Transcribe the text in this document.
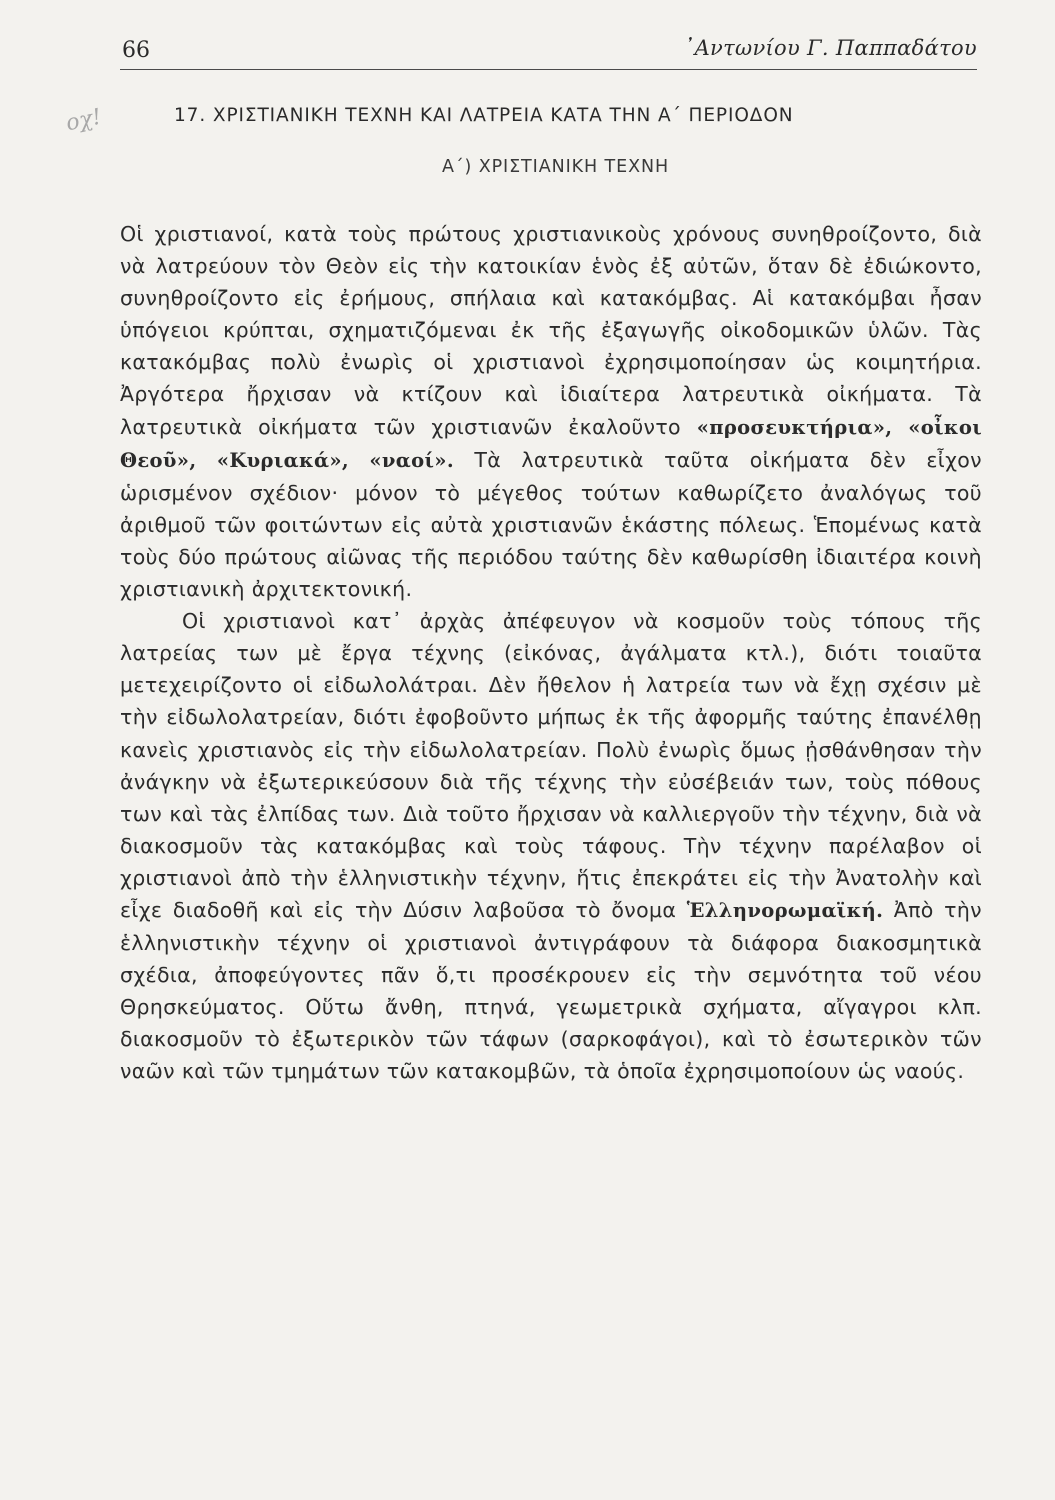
66	᾿Αντωνίου Γ. Παππαδάτου
οχ!	17. ΧΡΙΣΤΙΑΝΙΚΗ ΤΕΧΝΗ ΚΑΙ ΛΑΤΡΕΙΑ ΚΑΤΑ ΤΗΝ Α΄ ΠΕΡΙΟΔΟΝ
Α΄) ΧΡΙΣΤΙΑΝΙΚΗ ΤΕΧΝΗ

Οἱ χριστιανοί, κατὰ τοὺς πρώτους χριστιανικοὺς χρόνους συνηθροίζοντο, διὰ νὰ λατρεύουν τὸν Θεὸν εἰς τὴν κατοικίαν ἑνὸς ἐξ αὐτῶν, ὅταν δὲ ἐδιώκοντο, συνηθροίζοντο εἰς ἐρήμους, σπήλαια καὶ κατακόμβας. Αἱ κατακόμβαι ἦσαν ὑπόγειοι κρύπται, σχηματιζόμεναι ἐκ τῆς ἐξαγωγῆς οἰκοδομικῶν ὑλῶν. Τὰς κατακόμβας πολὺ ἐνωρὶς οἱ χριστιανοὶ ἐχρησιμοποίησαν ὡς κοιμητήρια. Ἀργότερα ἤρχισαν νὰ κτίζουν καὶ ἰδιαίτερα λατρευτικὰ οἰκήματα. Τὰ λατρευτικὰ οἰκήματα τῶν χριστιανῶν ἐκαλοῦντο «προσευκτήρια», «οἶκοι Θεοῦ», «Κυριακά», «ναοί». Τὰ λατρευτικὰ ταῦτα οἰκήματα δὲν εἶχον ὡρισμένον σχέδιον· μόνον τὸ μέγεθος τούτων καθωρίζετο ἀναλόγως τοῦ ἀριθμοῦ τῶν φοιτώντων εἰς αὐτὰ χριστιανῶν ἑκάστης πόλεως. Ἑπομένως κατὰ τοὺς δύο πρώτους αἰῶνας τῆς περιόδου ταύτης δὲν καθωρίσθη ἰδιαιτέρα κοινὴ χριστιανικὴ ἀρχιτεκτονική.

Οἱ χριστιανοὶ κατ᾿ ἀρχὰς ἀπέφευγον νὰ κοσμοῦν τοὺς τόπους τῆς λατρείας των μὲ ἔργα τέχνης (εἰκόνας, ἀγάλματα κτλ.), διότι τοιαῦτα μετεχειρίζοντο οἱ εἰδωλολάτραι. Δὲν ἤθελον ἡ λατρεία των νὰ ἔχῃ σχέσιν μὲ τὴν εἰδωλολατρείαν, διότι ἐφοβοῦντο μήπως ἐκ τῆς ἀφορμῆς ταύτης ἐπανέλθῃ κανεὶς χριστιανὸς εἰς τὴν εἰδωλολατρείαν. Πολὺ ἐνωρὶς ὅμως ᾐσθάνθησαν τὴν ἀνάγκην νὰ ἐξωτερικεύσουν διὰ τῆς τέχνης τὴν εὐσέβειάν των, τοὺς πόθους των καὶ τὰς ἐλπίδας των. Διὰ τοῦτο ἤρχισαν νὰ καλλιεργοῦν τὴν τέχνην, διὰ νὰ διακοσμοῦν τὰς κατακόμβας καὶ τοὺς τάφους. Τὴν τέχνην παρέλαβον οἱ χριστιανοὶ ἀπὸ τὴν ἑλληνιστικὴν τέχνην, ἥτις ἐπεκράτει εἰς τὴν Ἀνατολὴν καὶ εἶχε διαδοθῆ καὶ εἰς τὴν Δύσιν λαβοῦσα τὸ ὄνομα Ἑλληνορωμαϊκή. Ἀπὸ τὴν ἑλληνιστικὴν τέχνην οἱ χριστιανοὶ ἀντιγράφουν τὰ διάφορα διακοσμητικὰ σχέδια, ἀποφεύγοντες πᾶν ὅ,τι προσέκρουεν εἰς τὴν σεμνότητα τοῦ νέου Θρησκεύματος. Οὕτω ἄνθη, πτηνά, γεωμετρικὰ σχήματα, αἴγαγροι κλπ. διακοσμοῦν τὸ ἐξωτερικὸν τῶν τάφων (σαρκοφάγοι), καὶ τὸ ἐσωτερικὸν τῶν ναῶν καὶ τῶν τμημάτων τῶν κατακομβῶν, τὰ ὁποῖα ἐχρησιμοποίουν ὡς ναούς.
